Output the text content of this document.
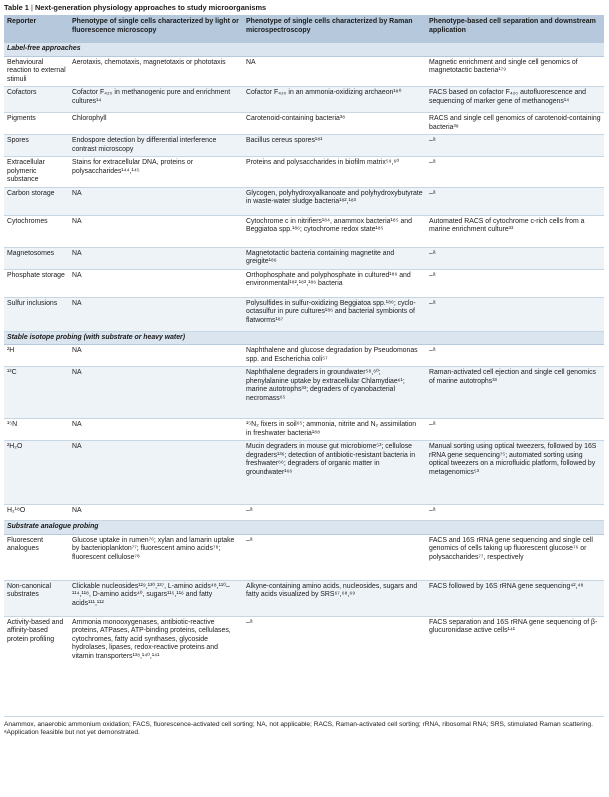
Table 1 | Next-generation physiology approaches to study microorganisms
Reporter	Phenotype of single cells characterized by light or fluorescence microscopy	Phenotype of single cells characterized by Raman microspectroscopy	Phenotype-based cell separation and downstream application
Label-free approaches			
Behavioural reaction to external stimuli	Aerotaxis, chemotaxis, magnetotaxis or phototaxis	NA	Magnetic enrichment and single cell genomics of magnetotactic bacteria¹⁷⁹
Cofactors	Cofactor F₄₂₀ in methanogenic pure and enrichment cultures¹⁴	Cofactor F₄₂₀ in an ammonia-oxidizing archaeon¹⁸⁰	FACS based on cofactor F₄₂₀ autofluorescence and sequencing of marker gene of methanogens¹⁴
Pigments	Chlorophyll	Carotenoid-containing bacteria³⁸	RACS and single cell genomics of carotenoid-containing bacteria³⁸
Spores	Endospore detection by differential interference contrast microscopy	Bacillus cereus spores¹⁸¹	–ᵃ
Extracellular polymeric substance	Stains for extracellular DNA, proteins or polysaccharides¹⁴⁴,¹⁴⁵	Proteins and polysaccharides in biofilm matrix⁵⁹,⁶⁰	–ᵃ
Carbon storage	NA	Glycogen, polyhydroxyalkanoate and polyhydroxybutyrate in waste-water sludge bacteria¹⁸²,¹⁸³	–ᵃ
Cytochromes	NA	Cytochrome c in nitrifiers¹⁸⁴, anammox bacteria¹⁸⁵ and Beggiatoa spp.¹⁸⁶; cytochrome redox state¹⁸⁵	Automated RACS of cytochrome c-rich cells from a marine enrichment culture³³
Magnetosomes	NA	Magnetotactic bacteria containing magnetite and greigite¹⁸⁶	–ᵃ
Phosphate storage	NA	Orthophosphate and polyphosphate in cultured¹⁸⁶ and environmental¹⁸²,¹⁸³,¹⁸⁶ bacteria	–ᵃ
Sulfur inclusions	NA	Polysulfides in sulfur-oxidizing Beggiatoa spp.¹⁸⁶; cyclo-octasulfur in pure cultures¹⁸⁶ and bacterial symbionts of flatworms¹⁸⁷	–ᵃ
Stable isotope probing (with substrate or heavy water)			
²H	NA	Naphthalene and glucose degradation by Pseudomonas spp. and Escherichia coli⁵⁷	–ᵃ
¹³C	NA	Naphthalene degraders in groundwater⁵⁸,⁶⁰; phenylalanine uptake by extracellular Chlamydiae⁶¹; marine autotrophs³³; degraders of cyanobacterial necromass⁶⁵	Raman-activated cell ejection and single cell genomics of marine autotrophs³³
¹⁵N	NA	¹⁵N₂ fixers in soil⁶⁵; ammonia, nitrite and N₂ assimilation in freshwater bacteria¹⁸⁸	–ᵃ
²H₂O	NA	Mucin degraders in mouse gut microbiome⁵³; cellulose degraders¹³⁶; detection of antibiotic-resistant bacteria in freshwater⁶⁶; degraders of organic matter in groundwater¹⁶⁶	Manual sorting using optical tweezers, followed by 16S rRNA gene sequencing⁷⁵; automated sorting using optical tweezers on a microfluidic platform, followed by metagenomics⁵³
H₂¹⁸O	NA	–ᵃ	–ᵃ
Substrate analogue probing			
Fluorescent analogues	Glucose uptake in rumen⁷⁶; xylan and lamarin uptake by bacterioplankton⁷⁷; fluorescent amino acids⁷⁸; fluorescent cellulose⁷⁸	–ᵃ	FACS and 16S rRNA gene sequencing and single cell genomics of cells taking up fluorescent glucose⁷⁶ or polysaccharides⁷⁷, respectively
Non-canonical substrates	Clickable nucleosides¹²⁹,¹³⁰,¹³⁷, L-amino acids⁴⁸,¹¹⁰–¹¹⁴,¹¹⁸, D-amino acids⁴⁰, sugars¹¹⁵,¹¹⁶ and fatty acids¹¹¹,¹¹²	Alkyne-containing amino acids, nucleosides, sugars and fatty acids visualized by SRS⁶⁷,⁶⁸,⁶⁹	FACS followed by 16S rRNA gene sequencing⁴²,⁴⁸
Activity-based and affinity-based protein profiling	Ammonia monooxygenases, antibiotic-reactive proteins, ATPases, ATP-binding proteins, cellulases, cytochromes, fatty acid synthases, glycoside hydrolases, lipases, redox-reactive proteins and vitamin transporters¹³⁸,¹⁴⁰,¹⁴¹	–ᵃ	FACS separation and 16S rRNA gene sequencing of β-glucuronidase active cells¹⁴¹
Anammox, anaerobic ammonium oxidation; FACS, fluorescence-activated cell sorting; NA, not applicable; RACS, Raman-activated cell sorting; rRNA, ribosomal RNA; SRS, stimulated Raman scattering. ᵃApplication feasible but not yet demonstrated.
